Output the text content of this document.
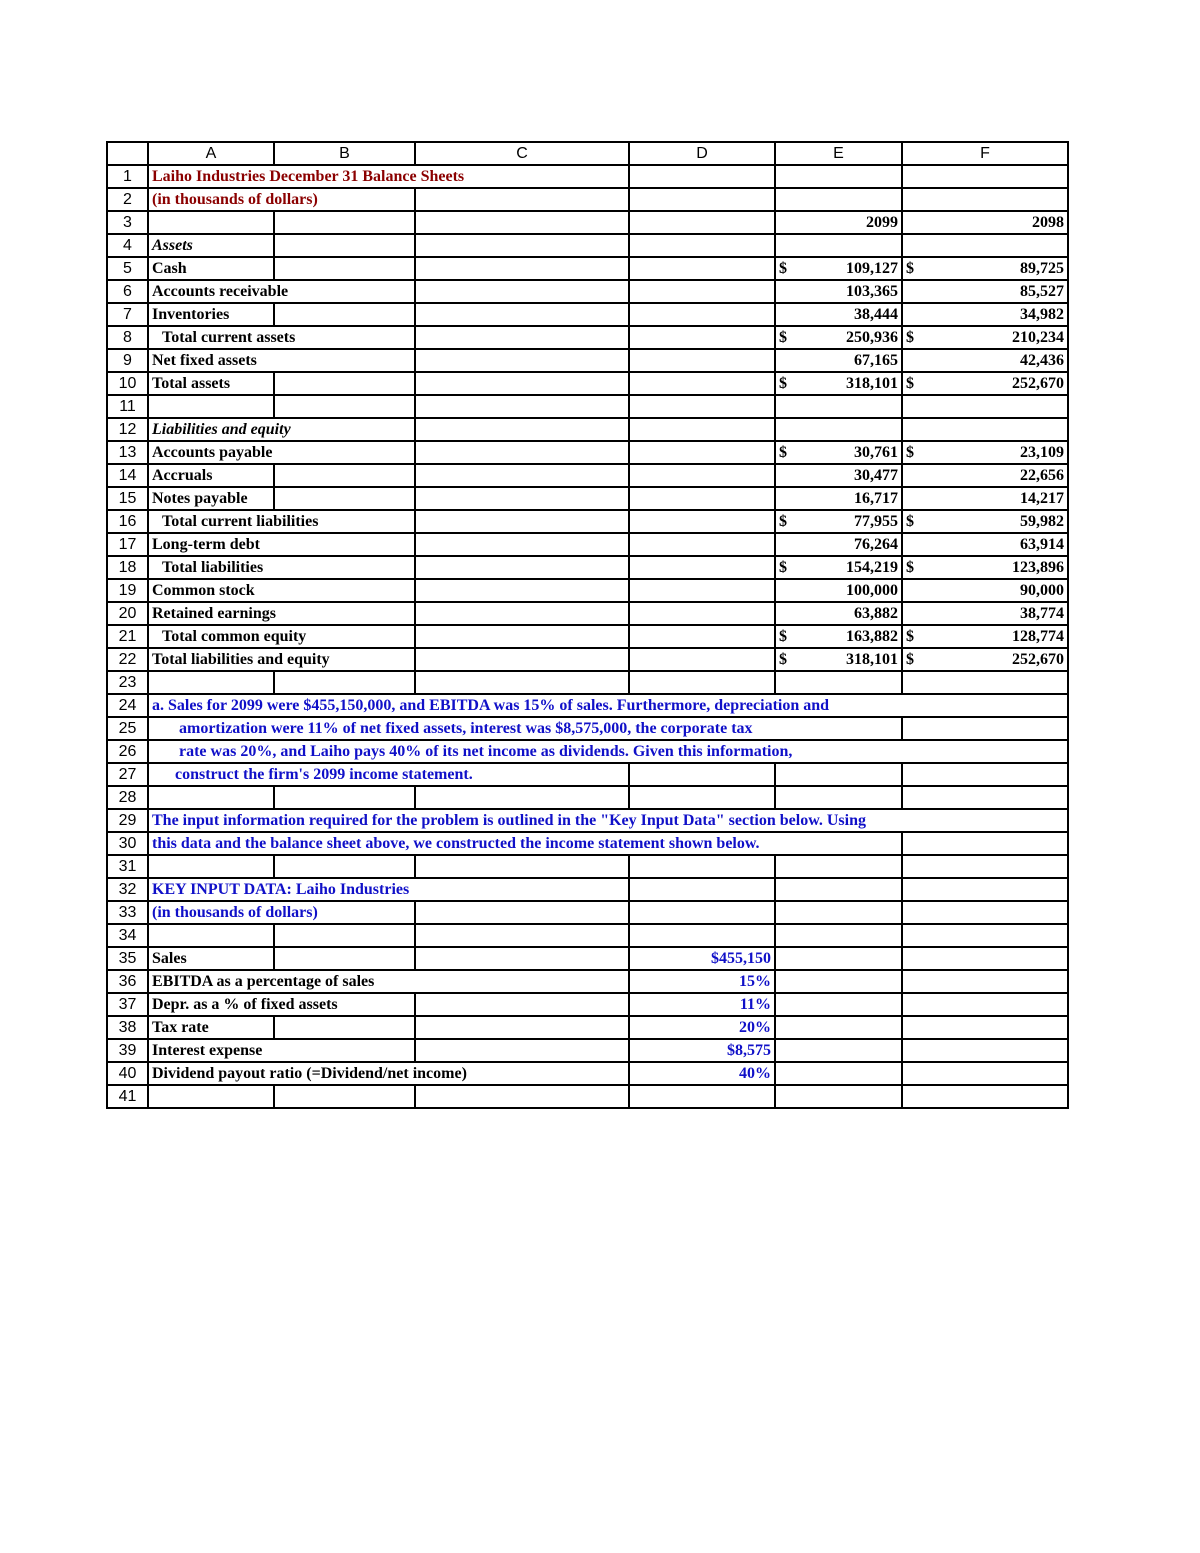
	A	B	C	D	E	F
1	Laiho Industries December 31 Balance Sheets					
2	(in thousands of dollars)					
3					2099	2098
4	Assets					
5	Cash				$ 109,127	$ 89,725

6	Accounts receivable				103,365	85,527
7	Inventories				38,444	34,982
8	Total current assets				$ 250,936	$ 210,234

9	Net fixed assets				67,165	42,436
10	Total assets				$ 318,101	$ 252,670

11						
12	Liabilities and equity					
13	Accounts payable				$ 30,761	$ 23,109

14	Accruals				30,477	22,656
15	Notes payable				16,717	14,217
16	Total current liabilities				$ 77,955	$ 59,982

17	Long-term debt				76,264	63,914
18	Total liabilities				$ 154,219	$ 123,896

19	Common stock				100,000	90,000
20	Retained earnings				63,882	38,774
21	Total common equity				$ 163,882	$ 128,774

22	Total liabilities and equity				$ 318,101	$ 252,670

23						
24	a. Sales for 2099 were $455,150,000, and EBITDA was 15% of sales. Furthermore, depreciation and					
25	amortization were 11% of net fixed assets, interest was $8,575,000, the corporate tax					
26	rate was 20%, and Laiho pays 40% of its net income as dividends. Given this information,					
27	construct the firm's 2099 income statement.					
28						
29	The input information required for the problem is outlined in the "Key Input Data" section below. Using					
30	this data and the balance sheet above, we constructed the income statement shown below.					
31						
32	KEY INPUT DATA: Laiho Industries					
33	(in thousands of dollars)					
34						
35	Sales			$455,150		
36	EBITDA as a percentage of sales			15%		
37	Depr. as a % of fixed assets			11%		
38	Tax rate			20%		
39	Interest expense			$8,575		
40	Dividend payout ratio (=Dividend/net income)			40%		
41						
